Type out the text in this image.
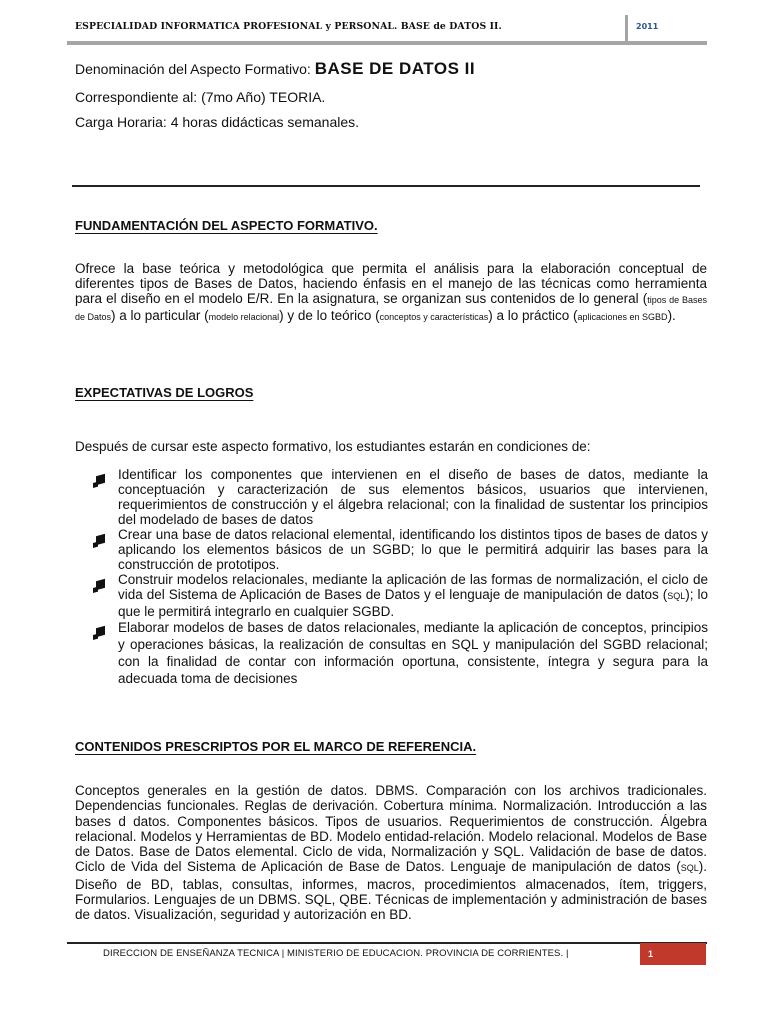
ESPECIALIDAD INFORMATICA PROFESIONAL y PERSONAL. BASE de DATOS II.	2011
Denominación del Aspecto Formativo: BASE DE DATOS II
Correspondiente al: (7mo Año) TEORIA.
Carga Horaria: 4 horas didácticas semanales.
FUNDAMENTACIÓN DEL ASPECTO FORMATIVO.
Ofrece la base teórica y metodológica que permita el análisis para la elaboración conceptual de diferentes tipos de Bases de Datos, haciendo énfasis en el manejo de las técnicas como herramienta para el diseño en el modelo E/R. En la asignatura, se organizan sus contenidos de lo general (tipos de Bases de Datos) a lo particular (modelo relacional) y de lo teórico (conceptos y características) a lo práctico (aplicaciones en SGBD).
EXPECTATIVAS DE LOGROS
Después de cursar este aspecto formativo, los estudiantes estarán en condiciones de:
Identificar los componentes que intervienen en el diseño de bases de datos, mediante la conceptuación y caracterización de sus elementos básicos, usuarios que intervienen, requerimientos de construcción y el álgebra relacional; con la finalidad de sustentar los principios del modelado de bases de datos
Crear una base de datos relacional elemental, identificando los distintos tipos de bases de datos y aplicando los elementos básicos de un SGBD; lo que le permitirá adquirir las bases para la construcción de prototipos.
Construir modelos relacionales, mediante la aplicación de las formas de normalización, el ciclo de vida del Sistema de Aplicación de Bases de Datos y el lenguaje de manipulación de datos (SQL); lo que le permitirá integrarlo en cualquier SGBD.
Elaborar modelos de bases de datos relacionales, mediante la aplicación de conceptos, principios y operaciones básicas, la realización de consultas en SQL y manipulación del SGBD relacional; con la finalidad de contar con información oportuna, consistente, íntegra y segura para la adecuada toma de decisiones
CONTENIDOS PRESCRIPTOS POR EL MARCO DE REFERENCIA.
Conceptos generales en la gestión de datos. DBMS. Comparación con los archivos tradicionales. Dependencias funcionales. Reglas de derivación. Cobertura mínima. Normalización. Introducción a las bases d datos. Componentes básicos. Tipos de usuarios. Requerimientos de construcción. Álgebra relacional. Modelos y Herramientas de BD. Modelo entidad-relación. Modelo relacional. Modelos de Base de Datos. Base de Datos elemental. Ciclo de vida, Normalización y SQL. Validación de base de datos. Ciclo de Vida del Sistema de Aplicación de Base de Datos. Lenguaje de manipulación de datos (SQL). Diseño de BD, tablas, consultas, informes, macros, procedimientos almacenados, ítem, triggers, Formularios. Lenguajes de un DBMS. SQL, QBE. Técnicas de implementación y administración de bases de datos. Visualización, seguridad y autorización en BD.
DIRECCION DE ENSEÑANZA TECNICA | MINISTERIO DE EDUCACION. PROVINCIA DE CORRIENTES. |	1
